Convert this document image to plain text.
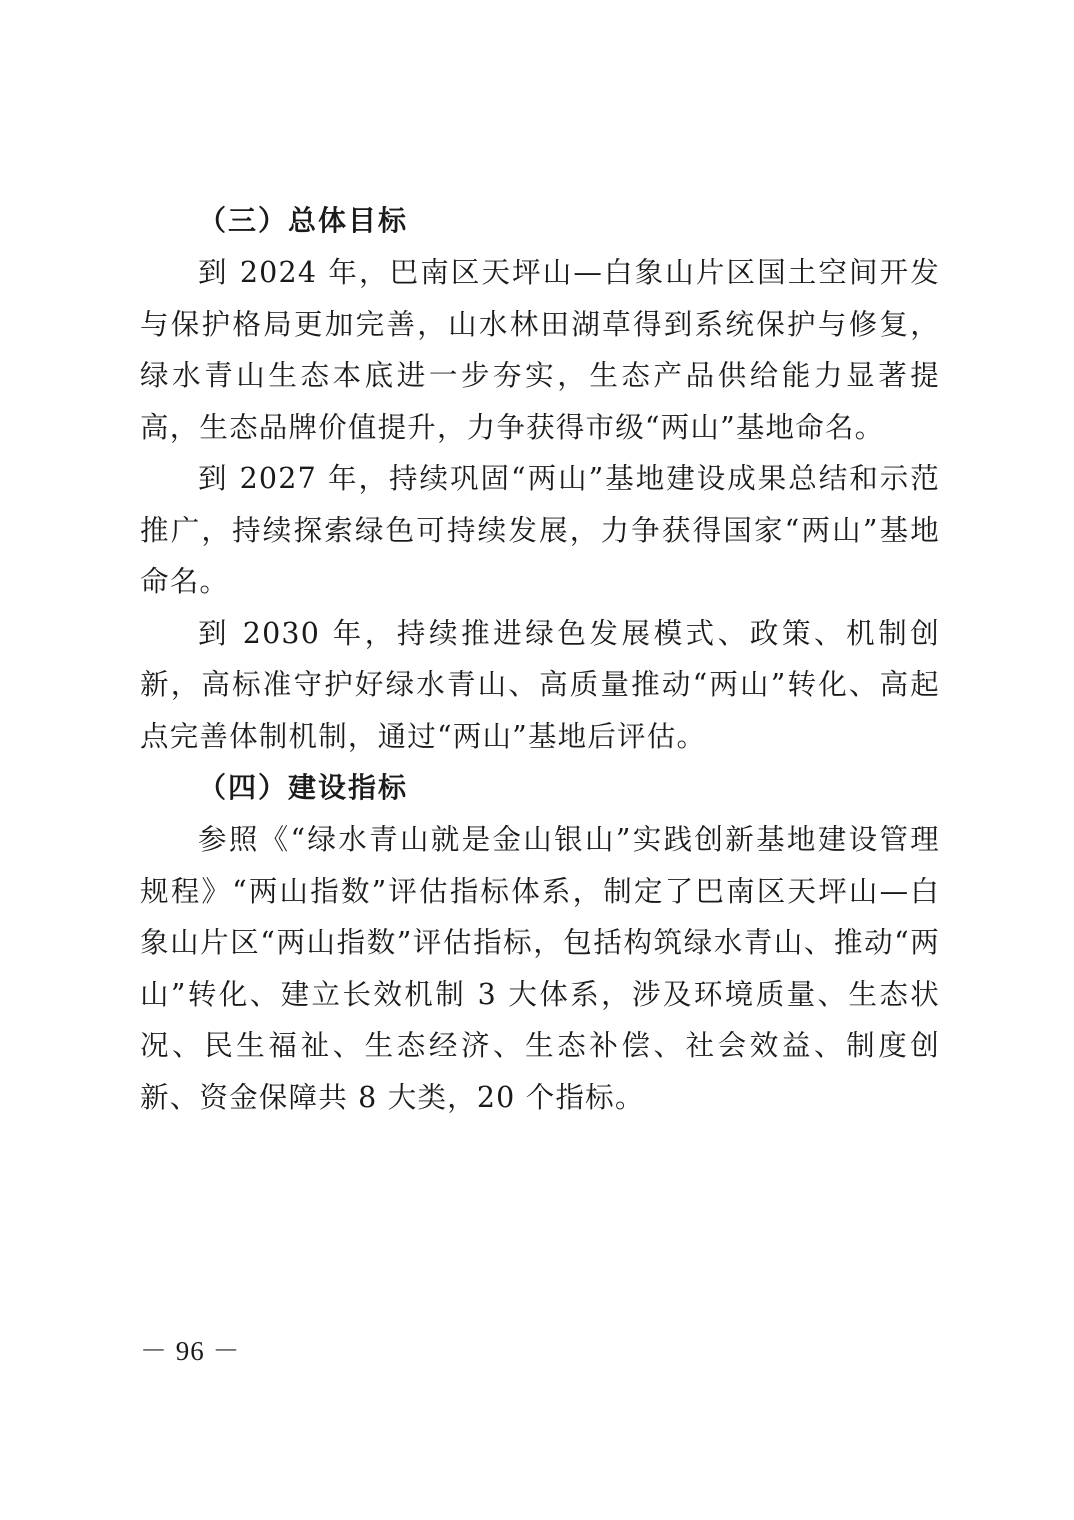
（三）总体目标

到 2024 年，巴南区天坪山—白象山片区国土空间开发与保护格局更加完善，山水林田湖草得到系统保护与修复，绿水青山生态本底进一步夯实，生态产品供给能力显著提高，生态品牌价值提升，力争获得市级“两山”基地命名。

到 2027 年，持续巩固“两山”基地建设成果总结和示范推广，持续探索绿色可持续发展，力争获得国家“两山”基地命名。

到 2030 年，持续推进绿色发展模式、政策、机制创新，高标准守护好绿水青山、高质量推动“两山”转化、高起点完善体制机制，通过“两山”基地后评估。

（四）建设指标

参照《“绿水青山就是金山银山”实践创新基地建设管理规程》“两山指数”评估指标体系，制定了巴南区天坪山—白象山片区“两山指数”评估指标，包括构筑绿水青山、推动“两山”转化、建立长效机制 3 大体系，涉及环境质量、生态状况、民生福祉、生态经济、生态补偿、社会效益、制度创新、资金保障共 8 大类，20 个指标。

－ 96 －
